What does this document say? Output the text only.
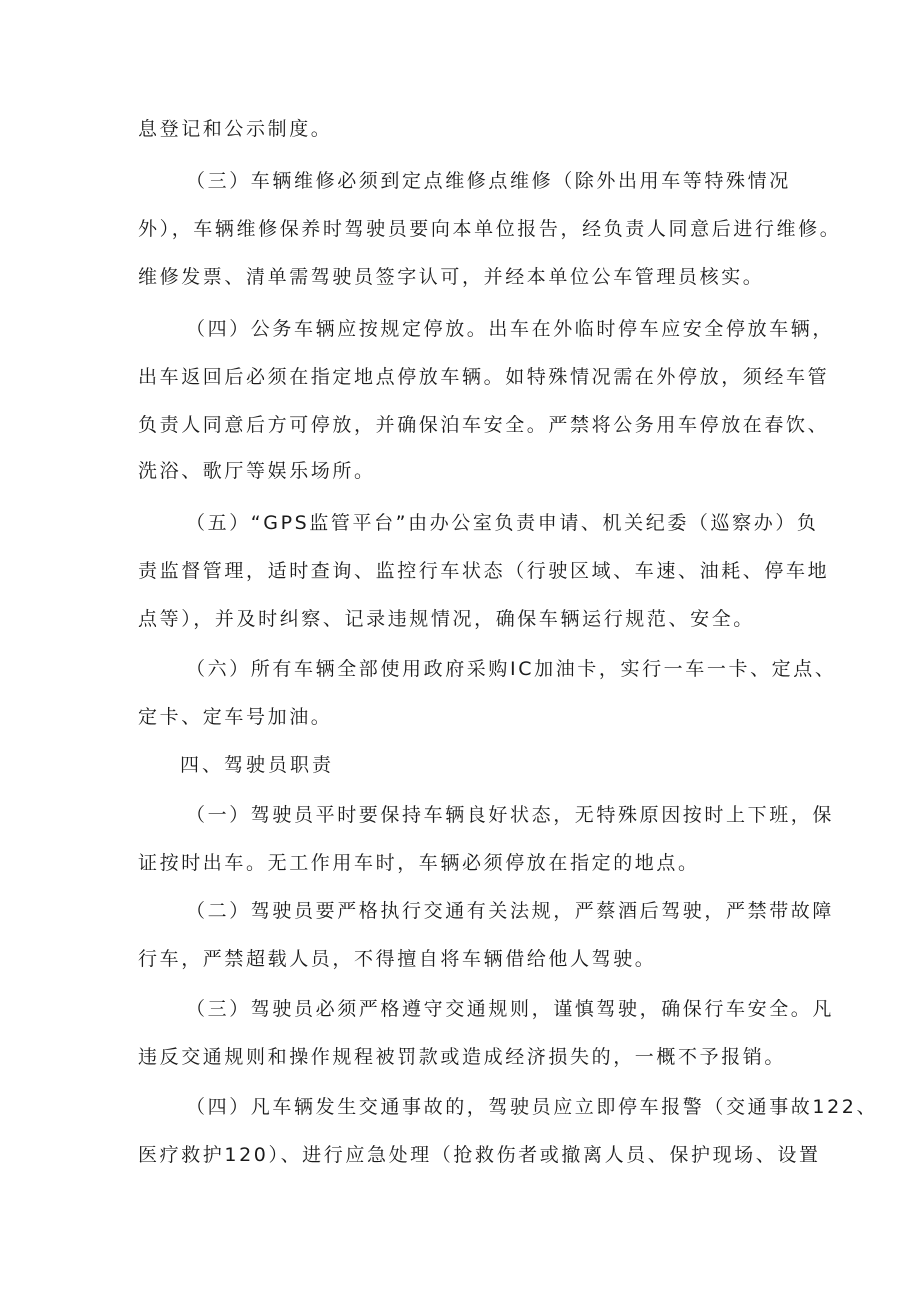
息登记和公示制度。
（三）车辆维修必须到定点维修点维修（除外出用车等特殊情况
外），车辆维修保养时驾驶员要向本单位报告，经负责人同意后进行维修。
维修发票、清单需驾驶员签字认可，并经本单位公车管理员核实。
（四）公务车辆应按规定停放。出车在外临时停车应安全停放车辆，
出车返回后必须在指定地点停放车辆。如特殊情况需在外停放，须经车管
负责人同意后方可停放，并确保泊车安全。严禁将公务用车停放在春饮、
洗浴、歌厅等娱乐场所。
（五）“GPS监管平台”由办公室负责申请、机关纪委（巡察办）负
责监督管理，适时查询、监控行车状态（行驶区域、车速、油耗、停车地
点等），并及时纠察、记录违规情况，确保车辆运行规范、安全。
（六）所有车辆全部使用政府采购IC加油卡，实行一车一卡、定点、
定卡、定车号加油。
四、驾驶员职责
（一）驾驶员平时要保持车辆良好状态，无特殊原因按时上下班，保
证按时出车。无工作用车时，车辆必须停放在指定的地点。
（二）驾驶员要严格执行交通有关法规，严蔡酒后驾驶，严禁带故障
行车，严禁超载人员，不得擅自将车辆借给他人驾驶。
（三）驾驶员必须严格遵守交通规则，谨慎驾驶，确保行车安全。凡
违反交通规则和操作规程被罚款或造成经济损失的，一概不予报销。
（四）凡车辆发生交通事故的，驾驶员应立即停车报警（交通事故122、
医疗救护120）、进行应急处理（抢救伤者或撤离人员、保护现场、设置
